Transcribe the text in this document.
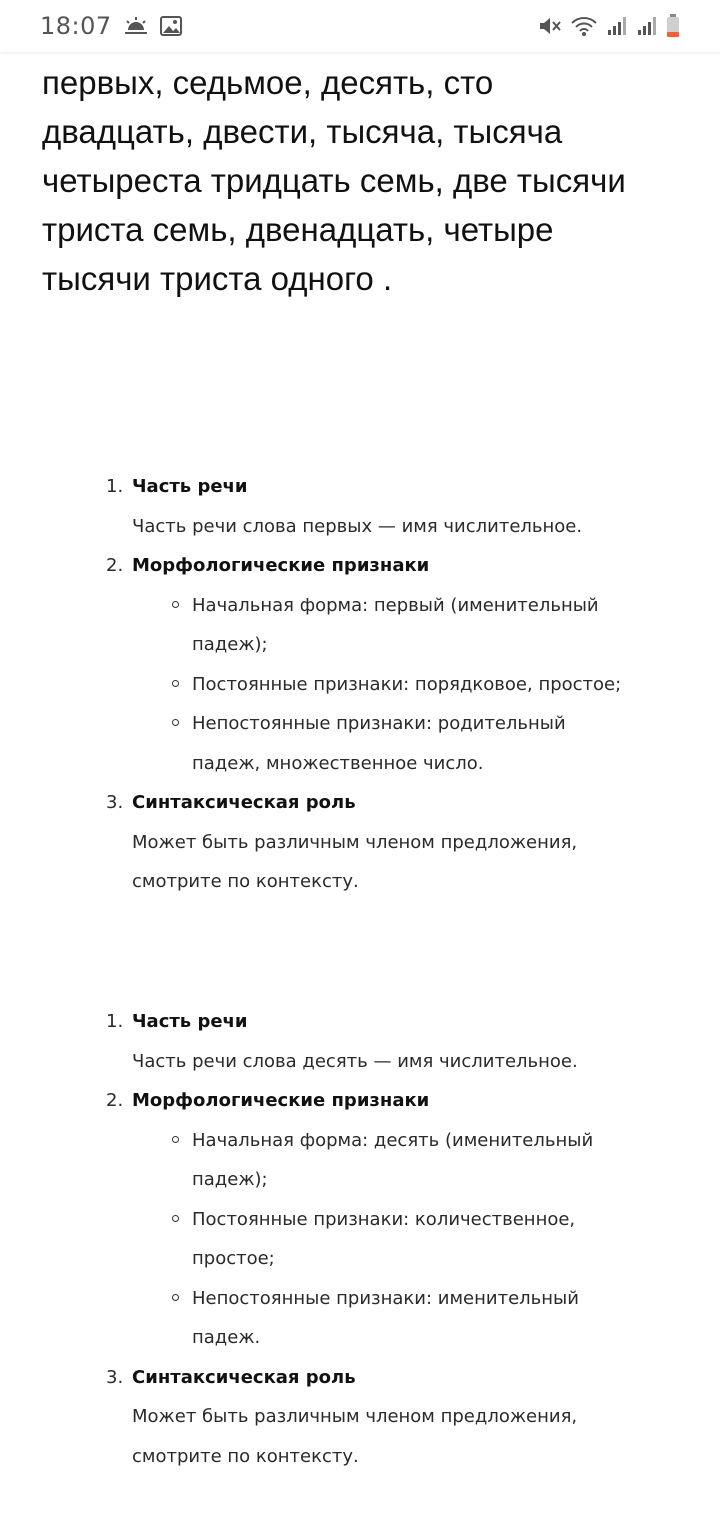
18:07
первых, седьмое, десять, сто
двадцать, двести, тысяча, тысяча
четыреста тридцать семь, две тысячи
триста семь, двенадцать, четыре
тысячи триста одного .
1. Часть речи
Часть речи слова первых — имя числительное.
2. Морфологические признаки
Начальная форма: первый (именительный
падеж);
Постоянные признаки: порядковое, простое;
Непостоянные признаки: родительный
падеж, множественное число.
3. Синтаксическая роль
Может быть различным членом предложения,
смотрите по контексту.
1. Часть речи
Часть речи слова десять — имя числительное.
2. Морфологические признаки
Начальная форма: десять (именительный
падеж);
Постоянные признаки: количественное,
простое;
Непостоянные признаки: именительный
падеж.
3. Синтаксическая роль
Может быть различным членом предложения,
смотрите по контексту.
